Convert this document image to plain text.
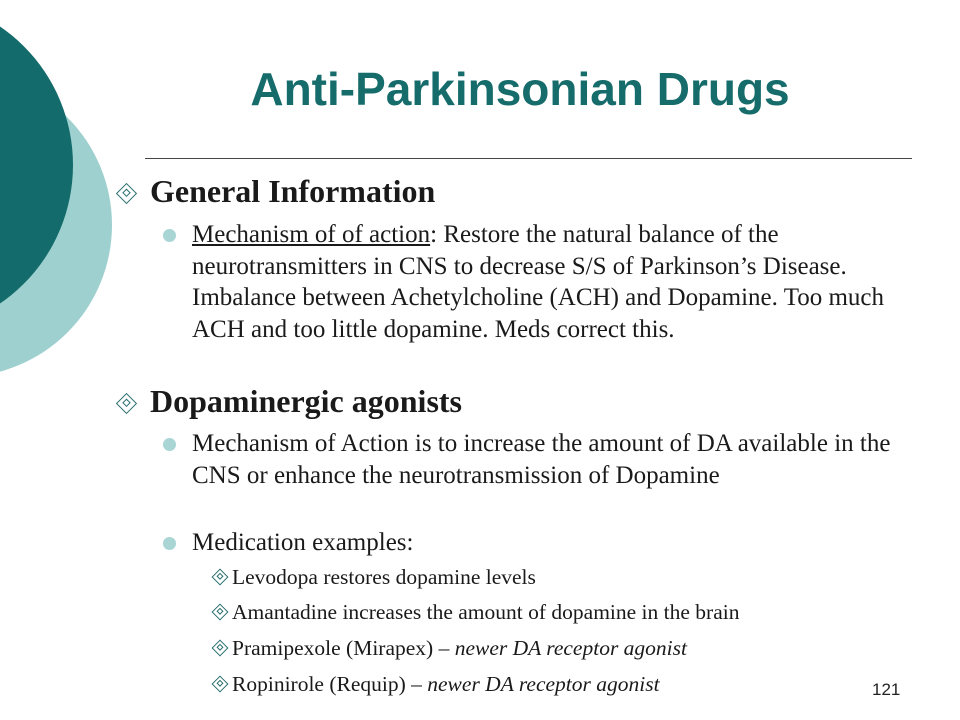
Anti-Parkinsonian Drugs
General Information
Mechanism of of action: Restore the natural balance of the neurotransmitters in CNS to decrease S/S of Parkinson’s Disease. Imbalance between Achetylcholine (ACH) and Dopamine. Too much ACH and too little dopamine. Meds correct this.
Dopaminergic agonists
Mechanism of Action is to increase the amount of DA available in the CNS or enhance the neurotransmission of Dopamine
Medication examples:
Levodopa restores dopamine levels
Amantadine increases the amount of dopamine in the brain
Pramipexole (Mirapex) – newer DA receptor agonist
Ropinirole (Requip) – newer DA receptor agonist	121
